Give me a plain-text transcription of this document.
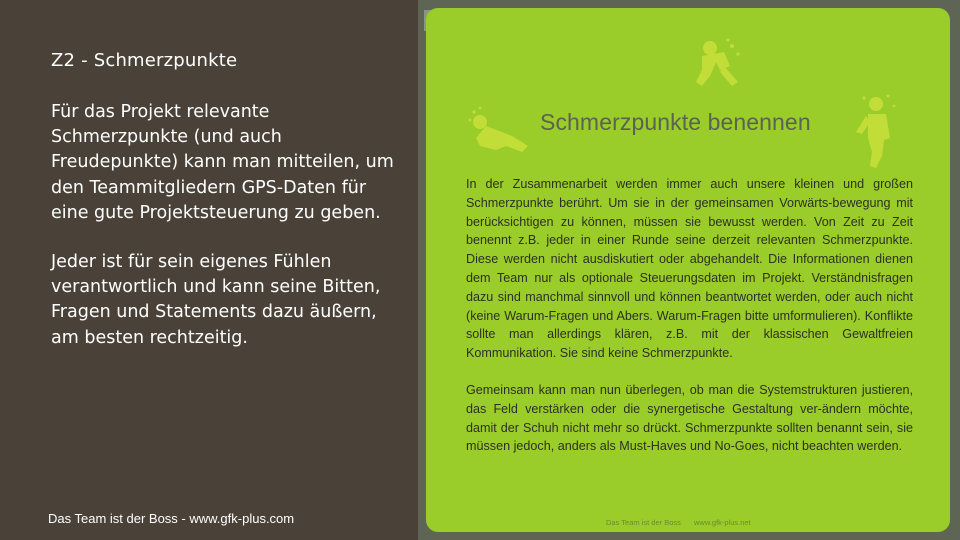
Z2 - Schmerzpunkte

Für das Projekt relevante Schmerzpunkte (und auch Freudepunkte) kann man mitteilen, um den Teammitgliedern GPS-Daten für eine gute Projektsteuerung zu geben.

Jeder ist für sein eigenes Fühlen verantwortlich und kann seine Bitten, Fragen und Statements dazu äußern, am besten rechtzeitig.

Das Team ist der Boss - www.gfk-plus.com
Schmerzpunkte benennen

In der Zusammenarbeit werden immer auch unsere kleinen und großen Schmerzpunkte berührt. Um sie in der gemeinsamen Vorwärts-bewegung mit berücksichtigen zu können, müssen sie bewusst werden. Von Zeit zu Zeit benennt z.B. jeder in einer Runde seine derzeit relevanten Schmerzpunkte. Diese werden nicht ausdiskutiert oder abgehandelt. Die Informationen dienen dem Team nur als optionale Steuerungsdaten im Projekt. Verständnisfragen dazu sind manchmal sinnvoll und können beantwortet werden, oder auch nicht (keine Warum-Fragen und Abers. Warum-Fragen bitte umformulieren). Konflikte sollte man allerdings klären, z.B. mit der klassischen Gewaltfreien Kommunikation. Sie sind keine Schmerzpunkte.

Gemeinsam kann man nun überlegen, ob man die Systemstrukturen justieren, das Feld verstärken oder die synergetische Gestaltung ver-ändern möchte, damit der Schuh nicht mehr so drückt. Schmerzpunkte sollten benannt sein, sie müssen jedoch, anders als Must-Haves und No-Goes, nicht beachten werden.

Das Team ist der Boss www.gfk-plus.net
